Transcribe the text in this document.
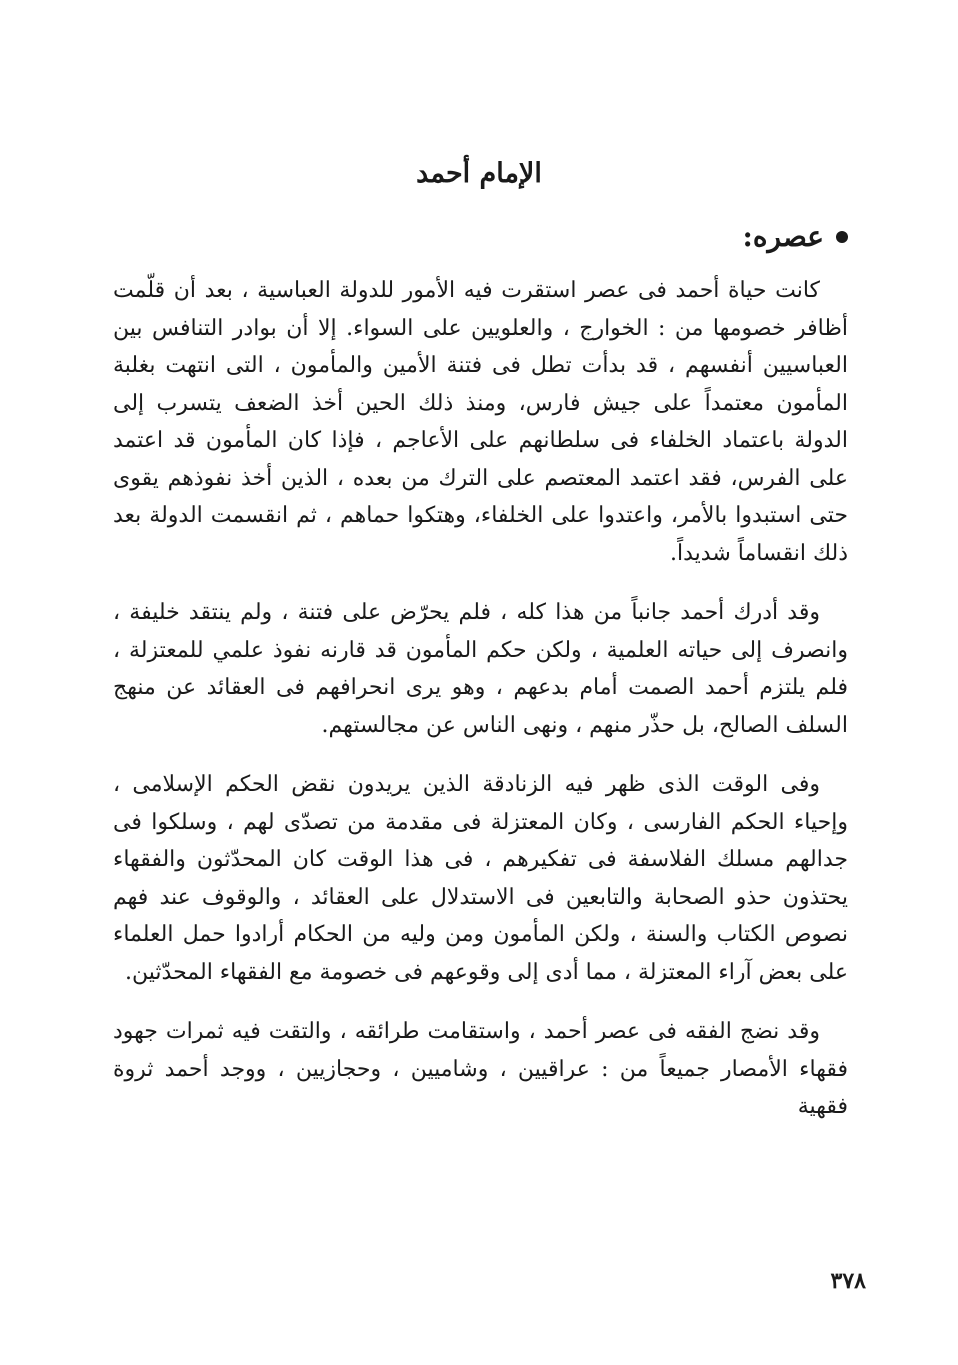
الإمام أحمد
عصره:

كانت حياة أحمد فى عصر استقرت فيه الأمور للدولة العباسية ، بعد أن قلّمت أظافر خصومها من : الخوارج ، والعلويين على السواء. إلا أن بوادر التنافس بين العباسيين أنفسهم ، قد بدأت تطل فى فتنة الأمين والمأمون ، التى انتهت بغلبة المأمون معتمداً على جيش فارس، ومنذ ذلك الحين أخذ الضعف يتسرب إلى الدولة باعتماد الخلفاء فى سلطانهم على الأعاجم ، فإذا كان المأمون قد اعتمد على الفرس، فقد اعتمد المعتصم على الترك من بعده ، الذين أخذ نفوذهم يقوى حتى استبدوا بالأمر، واعتدوا على الخلفاء، وهتكوا حماهم ، ثم انقسمت الدولة بعد ذلك انقساماً شديداً.

وقد أدرك أحمد جانباً من هذا كله ، فلم يحرّض على فتنة ، ولم ينتقد خليفة ، وانصرف إلى حياته العلمية ، ولكن حكم المأمون قد قارنه نفوذ علمي للمعتزلة ، فلم يلتزم أحمد الصمت أمام بدعهم ، وهو يرى انحرافهم فى العقائد عن منهج السلف الصالح، بل حذّر منهم ، ونهى الناس عن مجالستهم.

وفى الوقت الذى ظهر فيه الزنادقة الذين يريدون نقض الحكم الإسلامى ، وإحياء الحكم الفارسى ، وكان المعتزلة فى مقدمة من تصدّى لهم ، وسلكوا فى جدالهم مسلك الفلاسفة فى تفكيرهم ، فى هذا الوقت كان المحدّثون والفقهاء يحتذون حذو الصحابة والتابعين فى الاستدلال على العقائد ، والوقوف عند فهم نصوص الكتاب والسنة ، ولكن المأمون ومن وليه من الحكام أرادوا حمل العلماء على بعض آراء المعتزلة ، مما أدى إلى وقوعهم فى خصومة مع الفقهاء المحدّثين.

وقد نضج الفقه فى عصر أحمد ، واستقامت طرائقه ، والتقت فيه ثمرات جهود فقهاء الأمصار جميعاً من : عراقيين ، وشاميين ، وحجازيين ، ووجد أحمد ثروة فقهية

٣٧٨
